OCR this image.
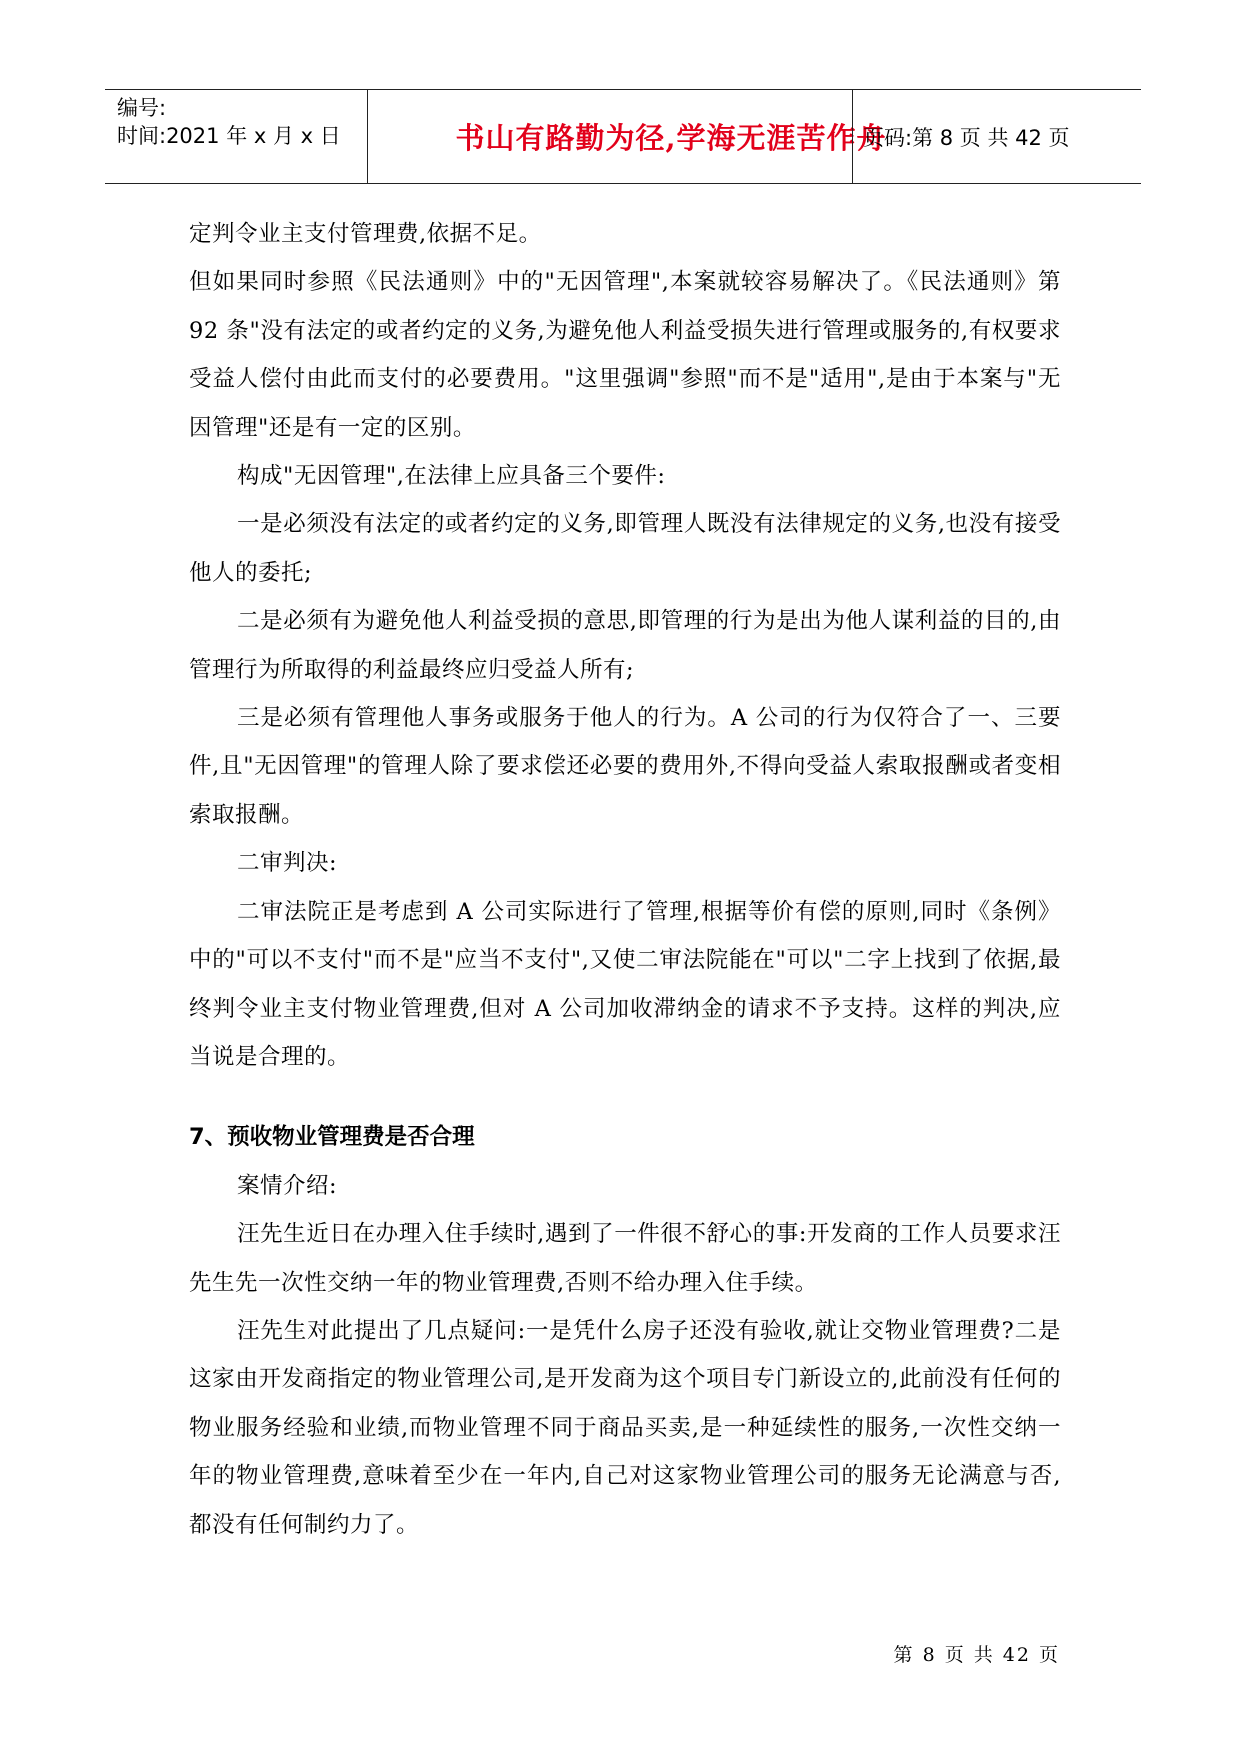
编号:
时间:2021 年 x 月 x 日	书山有路勤为径,学海无涯苦作舟
页码:第 8 页 共 42 页

定判令业主支付管理费,依据不足。

但如果同时参照《民法通则》中的"无因管理",本案就较容易解决了。《民法通则》第 92 条"没有法定的或者约定的义务,为避免他人利益受损失进行管理或服务的,有权要求受益人偿付由此而支付的必要费用。"这里强调"参照"而不是"适用",是由于本案与"无因管理"还是有一定的区别。

构成"无因管理",在法律上应具备三个要件:

一是必须没有法定的或者约定的义务,即管理人既没有法律规定的义务,也没有接受他人的委托;

二是必须有为避免他人利益受损的意思,即管理的行为是出为他人谋利益的目的,由管理行为所取得的利益最终应归受益人所有;

三是必须有管理他人事务或服务于他人的行为。A 公司的行为仅符合了一、三要件,且"无因管理"的管理人除了要求偿还必要的费用外,不得向受益人索取报酬或者变相索取报酬。

二审判决:

二审法院正是考虑到 A 公司实际进行了管理,根据等价有偿的原则,同时《条例》中的"可以不支付"而不是"应当不支付",又使二审法院能在"可以"二字上找到了依据,最终判令业主支付物业管理费,但对 A 公司加收滞纳金的请求不予支持。这样的判决,应当说是合理的。

7、预收物业管理费是否合理

案情介绍:

汪先生近日在办理入住手续时,遇到了一件很不舒心的事:开发商的工作人员要求汪先生先一次性交纳一年的物业管理费,否则不给办理入住手续。

汪先生对此提出了几点疑问:一是凭什么房子还没有验收,就让交物业管理费?二是这家由开发商指定的物业管理公司,是开发商为这个项目专门新设立的,此前没有任何的物业服务经验和业绩,而物业管理不同于商品买卖,是一种延续性的服务,一次性交纳一年的物业管理费,意味着至少在一年内,自己对这家物业管理公司的服务无论满意与否,都没有任何制约力了。

第 8 页 共 42 页
